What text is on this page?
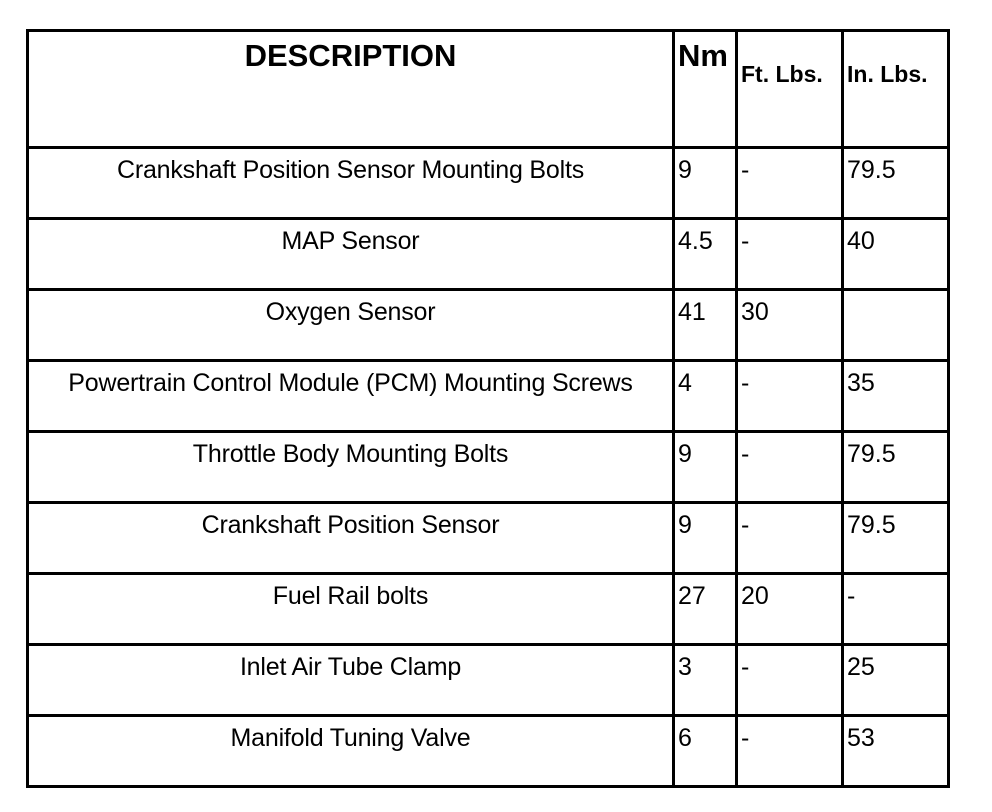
DESCRIPTION	Nm	Ft. Lbs.	In. Lbs.
Crankshaft Position Sensor Mounting Bolts	9	-	79.5
MAP Sensor	4.5	-	40
Oxygen Sensor	41	30	
Powertrain Control Module (PCM) Mounting Screws	4	-	35
Throttle Body Mounting Bolts	9	-	79.5
Crankshaft Position Sensor	9	-	79.5
Fuel Rail bolts	27	20	-
Inlet Air Tube Clamp	3	-	25
Manifold Tuning Valve	6	-	53
